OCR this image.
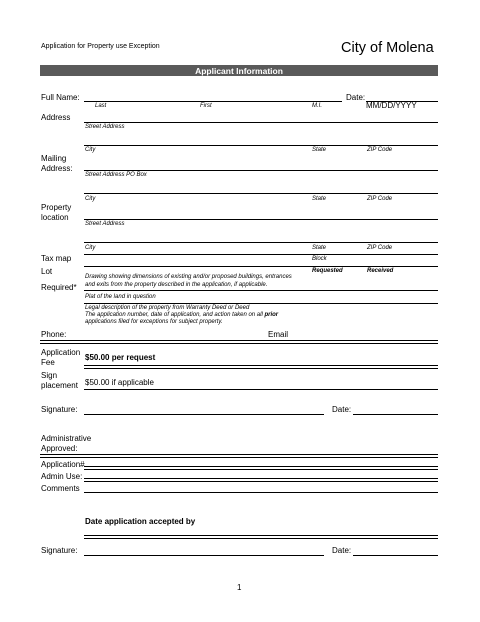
Application for Property use Exception	City of Molena
Applicant Information
Full Name:	Date:
Last	First	M.I.	MM/DD/YYYY
Address
Street Address
City	State	ZIP Code
Mailing Address:
Street Address PO Box
City	State	ZIP Code
Property location
Street Address
City	State	ZIP Code
Tax map	Block
Lot	Requested	Received
Required*
Drawing showing dimensions of existing and/or proposed buildings, entrances
and exits from the property described in the application, if applicable.
Plat of the land in question
Legal description of the property from Warranty Deed or Deed
The application number, date of application, and action taken on all prior
applications filed for exceptions for subject property.
Phone:	Email
Application
Fee	$50.00 per request
Sign
placement $50.00 if applicable
Signature:	Date:
Administrative
Approved:
Application#
Admin Use:
Comments
Date application accepted by
Signature:	Date:
1
